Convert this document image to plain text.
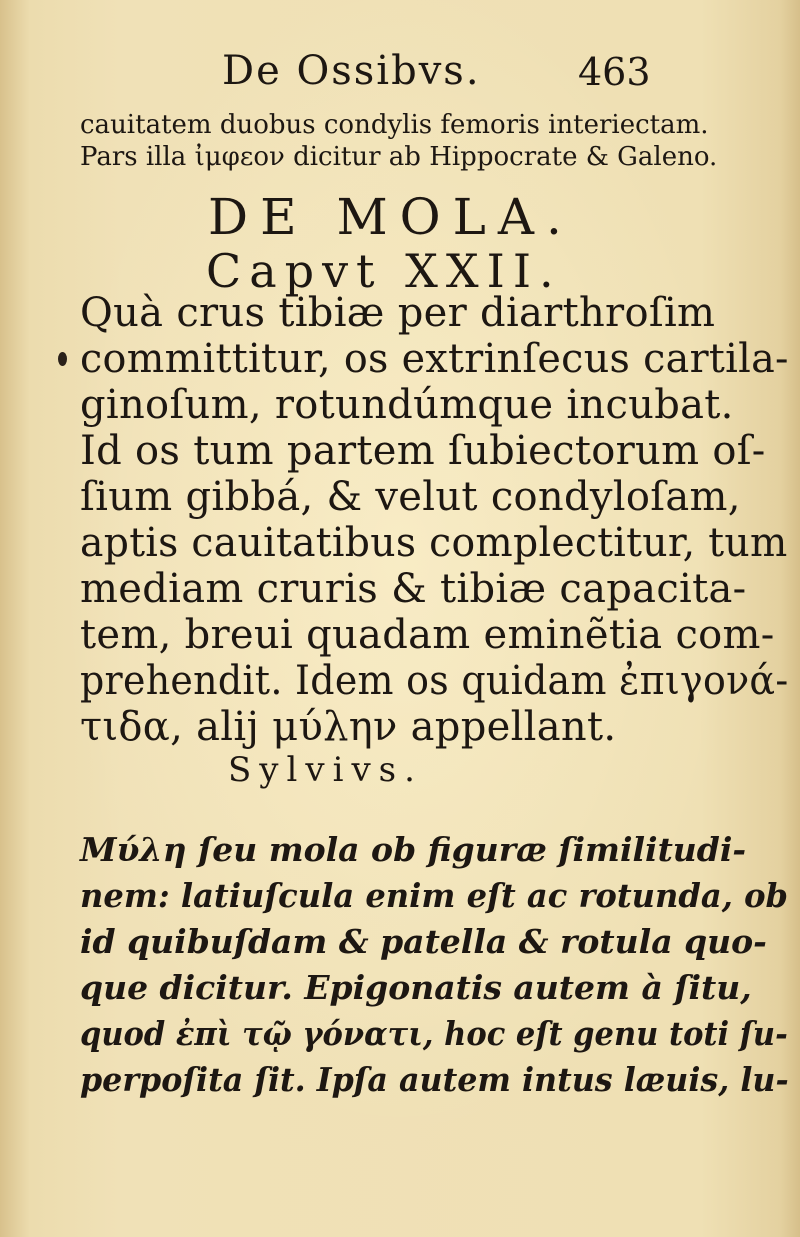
De Ossibvs.	463
cauitatem duobus condylis femoris interiectam.
Pars illa ἰμφεον dicitur ab Hippocrate & Galeno.
DE MOLA.
Capvt XXII.
Quà crus tibiæ per diarthroſim
committitur, os extrinſecus cartila-
ginoſum, rotundúmque incubat.
Id os tum partem ſubiectorum oſ-
ſium gibbá, & velut condyloſam,
aptis cauitatibus complectitur, tum
mediam cruris & tibiæ capacita-
tem, breui quadam eminẽtia com-
prehendit. Idem os quidam ἐπιγονά-
τιδα, alij μύλην appellant.
Sylvivs.
Μύλη ſeu mola ob figuræ ſimilitudi-
nem: latiuſcula enim eſt ac rotunda, ob
id quibuſdam & patella & rotula quo-
que dicitur. Epigonatis autem à ſitu,
quod ἐπὶ τῷ γόνατι, hoc eſt genu toti ſu-
perpoſita ſit. Ipſa autem intus læuis, lu-
